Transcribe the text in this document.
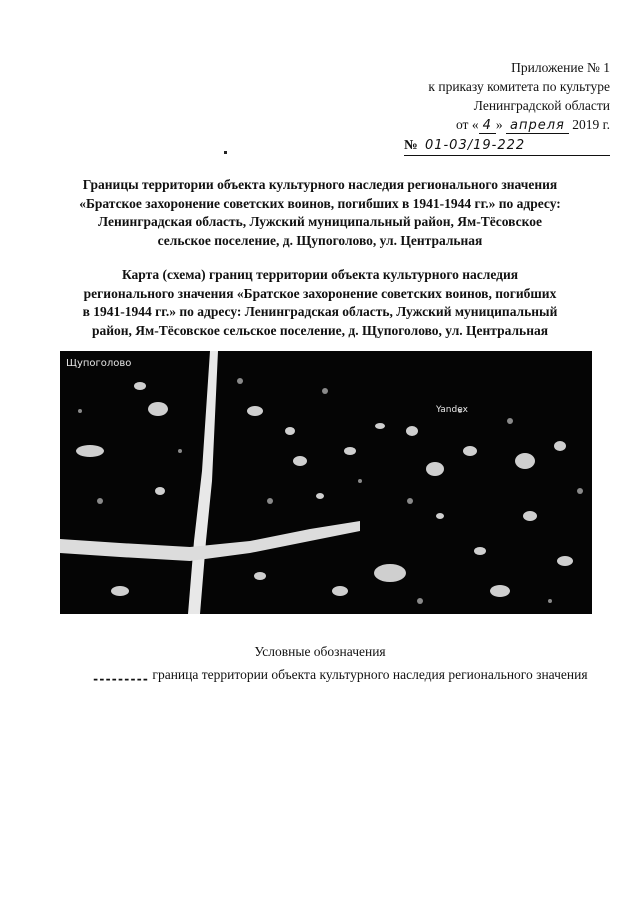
Приложение № 1
к приказу комитета по культуре
Ленинградской области
от « 4 » апреля 2019 г.
№ 01-03/19-222
Границы территории объекта культурного наследия регионального значения
«Братское захоронение советских воинов, погибших в 1941-1944 гг.» по адресу:
Ленинградская область, Лужский муниципальный район, Ям-Тёсовское
сельское поселение, д. Щупоголово, ул. Центральная
Карта (схема) границ территории объекта культурного наследия
регионального значения «Братское захоронение советских воинов, погибших
в 1941-1944 гг.» по адресу: Ленинградская область, Лужский муниципальный
район, Ям-Тёсовское сельское поселение, д. Щупоголово, ул. Центральная
Щупоголово
Yandex
Условные обозначения
--------- граница территории объекта культурного наследия регионального значения
